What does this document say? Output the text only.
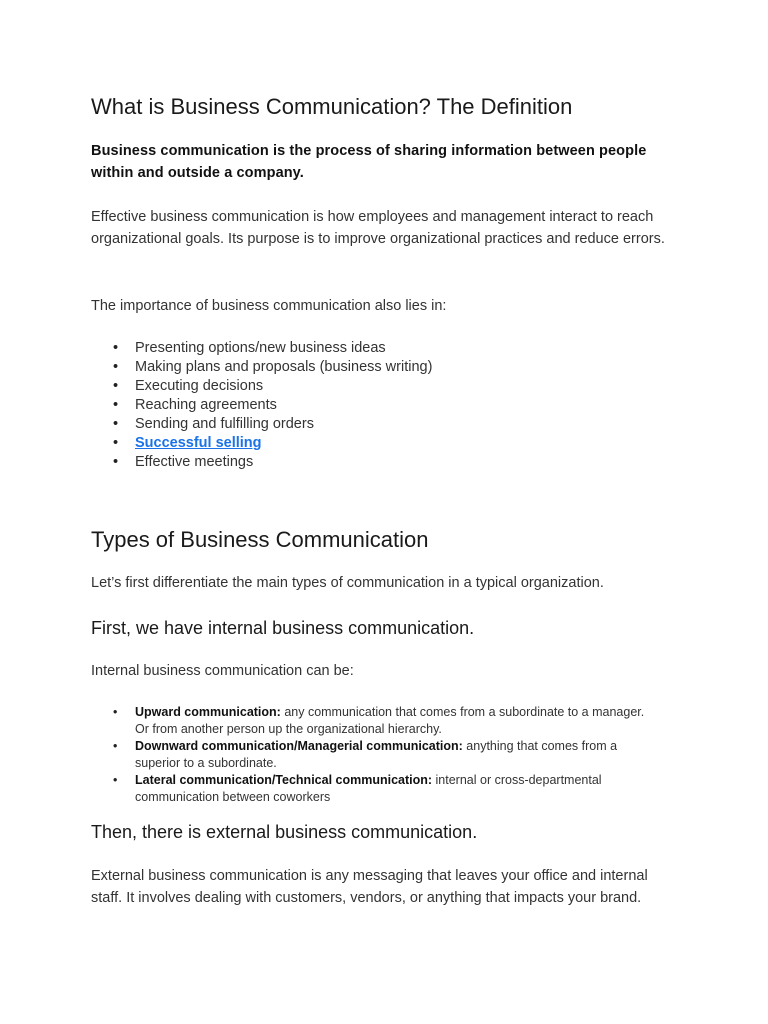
What is Business Communication? The Definition

Business communication is the process of sharing information between people within and outside a company.

Effective business communication is how employees and management interact to reach organizational goals. Its purpose is to improve organizational practices and reduce errors.

The importance of business communication also lies in:

• Presenting options/new business ideas
• Making plans and proposals (business writing)
• Executing decisions
• Reaching agreements
• Sending and fulfilling orders
• Successful selling
• Effective meetings
Types of Business Communication

Let’s first differentiate the main types of communication in a typical organization.

First, we have internal business communication.

Internal business communication can be:

• Upward communication: any communication that comes from a subordinate to a manager. Or from another person up the organizational hierarchy.
• Downward communication/Managerial communication: anything that comes from a superior to a subordinate.
• Lateral communication/Technical communication: internal or cross-departmental communication between coworkers
Then, there is external business communication.

External business communication is any messaging that leaves your office and internal staff. It involves dealing with customers, vendors, or anything that impacts your brand.
